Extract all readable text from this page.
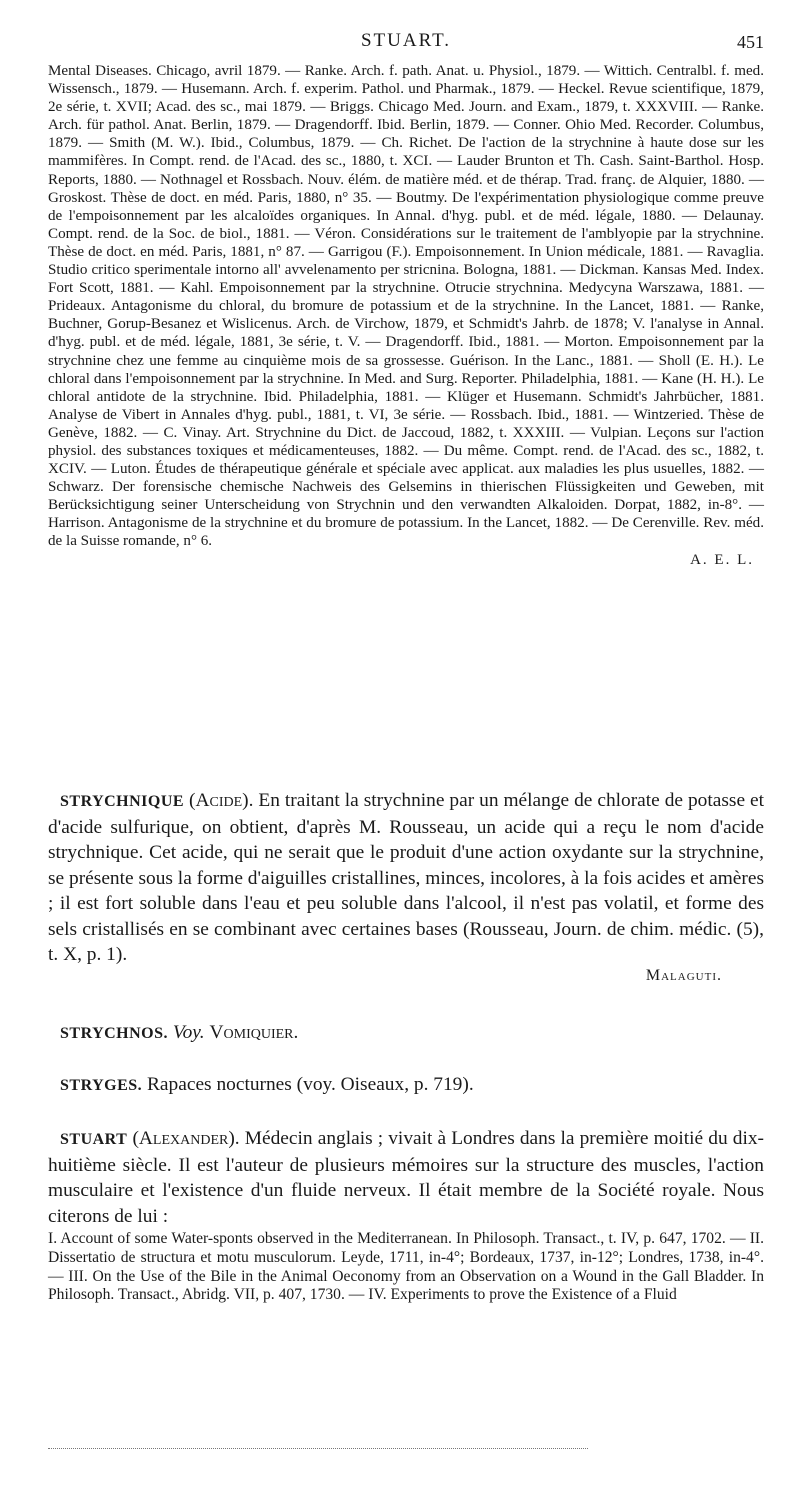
STUART.	451

Mental Diseases. Chicago, avril 1879. — Ranke. Arch. f. path. Anat. u. Physiol., 1879. — Wittich. Centralbl. f. med. Wissensch., 1879. — Husemann. Arch. f. experim. Pathol. und Pharmak., 1879. — Heckel. Revue scientifique, 1879, 2e série, t. XVII; Acad. des sc., mai 1879. — Briggs. Chicago Med. Journ. and Exam., 1879, t. XXXVIII. — Ranke. Arch. für pathol. Anat. Berlin, 1879. — Dragendorff. Ibid. Berlin, 1879. — Conner. Ohio Med. Recorder. Columbus, 1879. — Smith (M. W.). Ibid., Columbus, 1879. — Ch. Richet. De l'action de la strychnine à haute dose sur les mammifères. In Compt. rend. de l'Acad. des sc., 1880, t. XCI. — Lauder Brunton et Th. Cash. Saint-Barthol. Hosp. Reports, 1880. — Nothnagel et Rossbach. Nouv. élém. de matière méd. et de thérap. Trad. franç. de Alquier, 1880. — Groskost. Thèse de doct. en méd. Paris, 1880, n° 35. — Boutmy. De l'expérimentation physiologique comme preuve de l'empoisonnement par les alcaloïdes organiques. In Annal. d'hyg. publ. et de méd. légale, 1880. — Delaunay. Compt. rend. de la Soc. de biol., 1881. — Véron. Considérations sur le traitement de l'amblyopie par la strychnine. Thèse de doct. en méd. Paris, 1881, n° 87. — Garrigou (F.). Empoisonnement. In Union médicale, 1881. — Ravaglia. Studio critico sperimentale intorno all' avvelenamento per stricnina. Bologna, 1881. — Dickman. Kansas Med. Index. Fort Scott, 1881. — Kahl. Empoisonnement par la strychnine. Otrucie strychnina. Medycyna Warszawa, 1881. — Prideaux. Antagonisme du chloral, du bromure de potassium et de la strychnine. In the Lancet, 1881. — Ranke, Buchner, Gorup-Besanez et Wislicenus. Arch. de Virchow, 1879, et Schmidt's Jahrb. de 1878; V. l'analyse in Annal. d'hyg. publ. et de méd. légale, 1881, 3e série, t. V. — Dragendorff. Ibid., 1881. — Morton. Empoisonnement par la strychnine chez une femme au cinquième mois de sa grossesse. Guérison. In the Lanc., 1881. — Sholl (E. H.). Le chloral dans l'empoisonnement par la strychnine. In Med. and Surg. Reporter. Philadelphia, 1881. — Kane (H. H.). Le chloral antidote de la strychnine. Ibid. Philadelphia, 1881. — Klüger et Husemann. Schmidt's Jahrbücher, 1881. Analyse de Vibert in Annales d'hyg. publ., 1881, t. VI, 3e série. — Rossbach. Ibid., 1881. — Wintzeried. Thèse de Genève, 1882. — C. Vinay. Art. Strychnine du Dict. de Jaccoud, 1882, t. XXXIII. — Vulpian. Leçons sur l'action physiol. des substances toxiques et médicamenteuses, 1882. — Du même. Compt. rend. de l'Acad. des sc., 1882, t. XCIV. — Luton. Études de thérapeutique générale et spéciale avec applicat. aux maladies les plus usuelles, 1882. — Schwarz. Der forensische chemische Nachweis des Gelsemins in thierischen Flüssigkeiten und Geweben, mit Berücksichtigung seiner Unterscheidung von Strychnin und den verwandten Alkaloiden. Dorpat, 1882, in-8°. — Harrison. Antagonisme de la strychnine et du bromure de potassium. In the Lancet, 1882. — De Cerenville. Rev. méd. de la Suisse romande, n° 6.

A. E. L.

STRYCHNIQUE (Acide). En traitant la strychnine par un mélange de chlorate de potasse et d'acide sulfurique, on obtient, d'après M. Rousseau, un acide qui a reçu le nom d'acide strychnique. Cet acide, qui ne serait que le produit d'une action oxydante sur la strychnine, se présente sous la forme d'aiguilles cristallines, minces, incolores, à la fois acides et amères ; il est fort soluble dans l'eau et peu soluble dans l'alcool, il n'est pas volatil, et forme des sels cristallisés en se combinant avec certaines bases (Rousseau, Journ. de chim. médic. (5), t. X, p. 1).

Malaguti.

STRYCHNOS. Voy. Vomiquier.

STRYGES. Rapaces nocturnes (voy. Oiseaux, p. 719).

STUART (Alexander). Médecin anglais ; vivait à Londres dans la première moitié du dix-huitième siècle. Il est l'auteur de plusieurs mémoires sur la structure des muscles, l'action musculaire et l'existence d'un fluide nerveux. Il était membre de la Société royale. Nous citerons de lui :

I. Account of some Water-sponts observed in the Mediterranean. In Philosoph. Transact., t. IV, p. 647, 1702. — II. Dissertatio de structura et motu musculorum. Leyde, 1711, in-4°; Bordeaux, 1737, in-12°; Londres, 1738, in-4°. — III. On the Use of the Bile in the Animal Oeconomy from an Observation on a Wound in the Gall Bladder. In Philosoph. Transact., Abridg. VII, p. 407, 1730. — IV. Experiments to prove the Existence of a Fluid
